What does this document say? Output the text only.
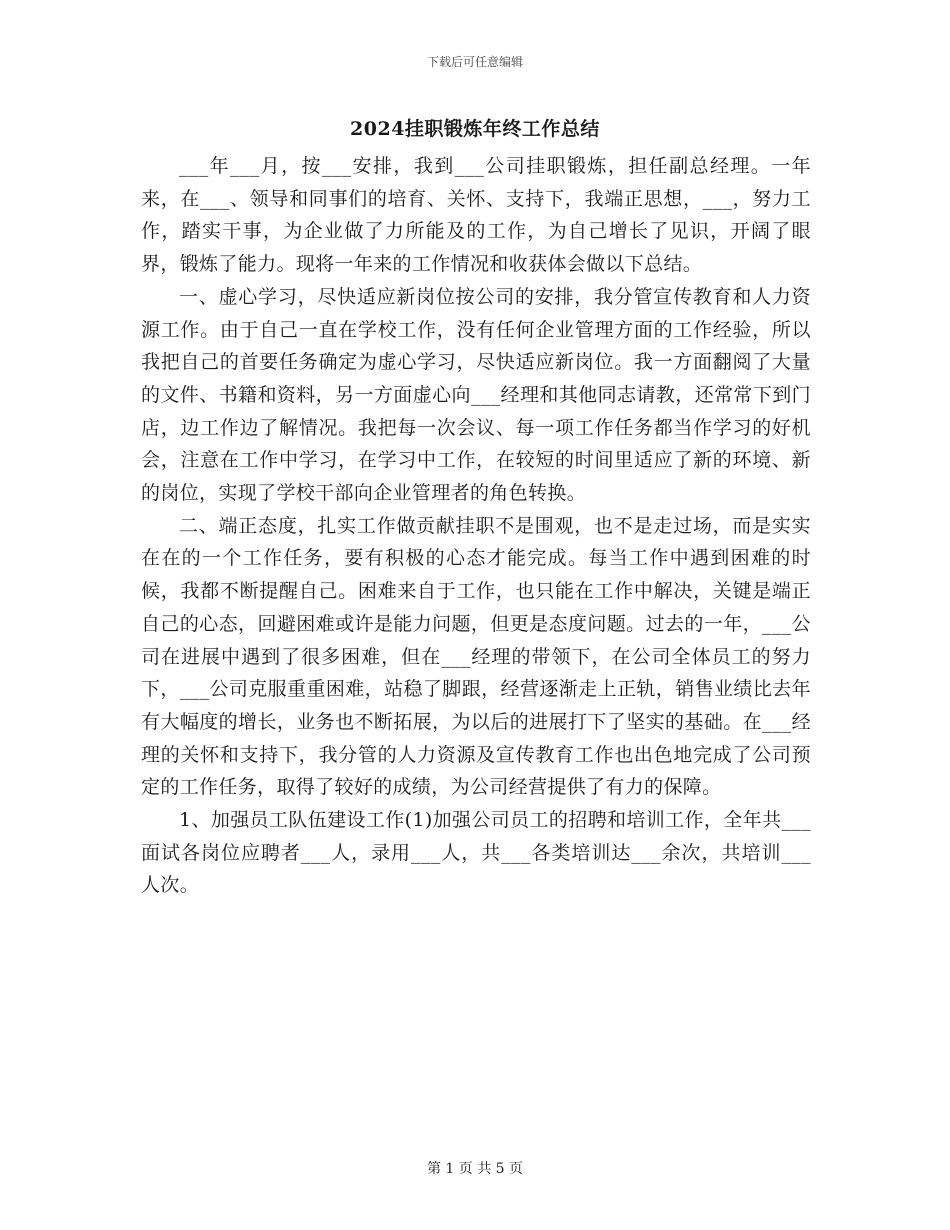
下载后可任意编辑
2024挂职锻炼年终工作总结

___年___月，按___安排，我到___公司挂职锻炼，担任副总经理。一年来，在___、领导和同事们的培育、关怀、支持下，我端正思想，___，努力工作，踏实干事，为企业做了力所能及的工作，为自己增长了见识，开阔了眼界，锻炼了能力。现将一年来的工作情况和收获体会做以下总结。

一、虚心学习，尽快适应新岗位按公司的安排，我分管宣传教育和人力资源工作。由于自己一直在学校工作，没有任何企业管理方面的工作经验，所以我把自己的首要任务确定为虚心学习，尽快适应新岗位。我一方面翻阅了大量的文件、书籍和资料，另一方面虚心向___经理和其他同志请教，还常常下到门店，边工作边了解情况。我把每一次会议、每一项工作任务都当作学习的好机会，注意在工作中学习，在学习中工作，在较短的时间里适应了新的环境、新的岗位，实现了学校干部向企业管理者的角色转换。

二、端正态度，扎实工作做贡献挂职不是围观，也不是走过场，而是实实在在的一个工作任务，要有积极的心态才能完成。每当工作中遇到困难的时候，我都不断提醒自己。困难来自于工作，也只能在工作中解决，关键是端正自己的心态，回避困难或许是能力问题，但更是态度问题。过去的一年，___公司在进展中遇到了很多困难，但在___经理的带领下，在公司全体员工的努力下，___公司克服重重困难，站稳了脚跟，经营逐渐走上正轨，销售业绩比去年有大幅度的增长，业务也不断拓展，为以后的进展打下了坚实的基础。在___经理的关怀和支持下，我分管的人力资源及宣传教育工作也出色地完成了公司预定的工作任务，取得了较好的成绩，为公司经营提供了有力的保障。

1、加强员工队伍建设工作(1)加强公司员工的招聘和培训工作，全年共___面试各岗位应聘者___人，录用___人，共___各类培训达___余次，共培训___人次。

第 1 页 共 5 页
